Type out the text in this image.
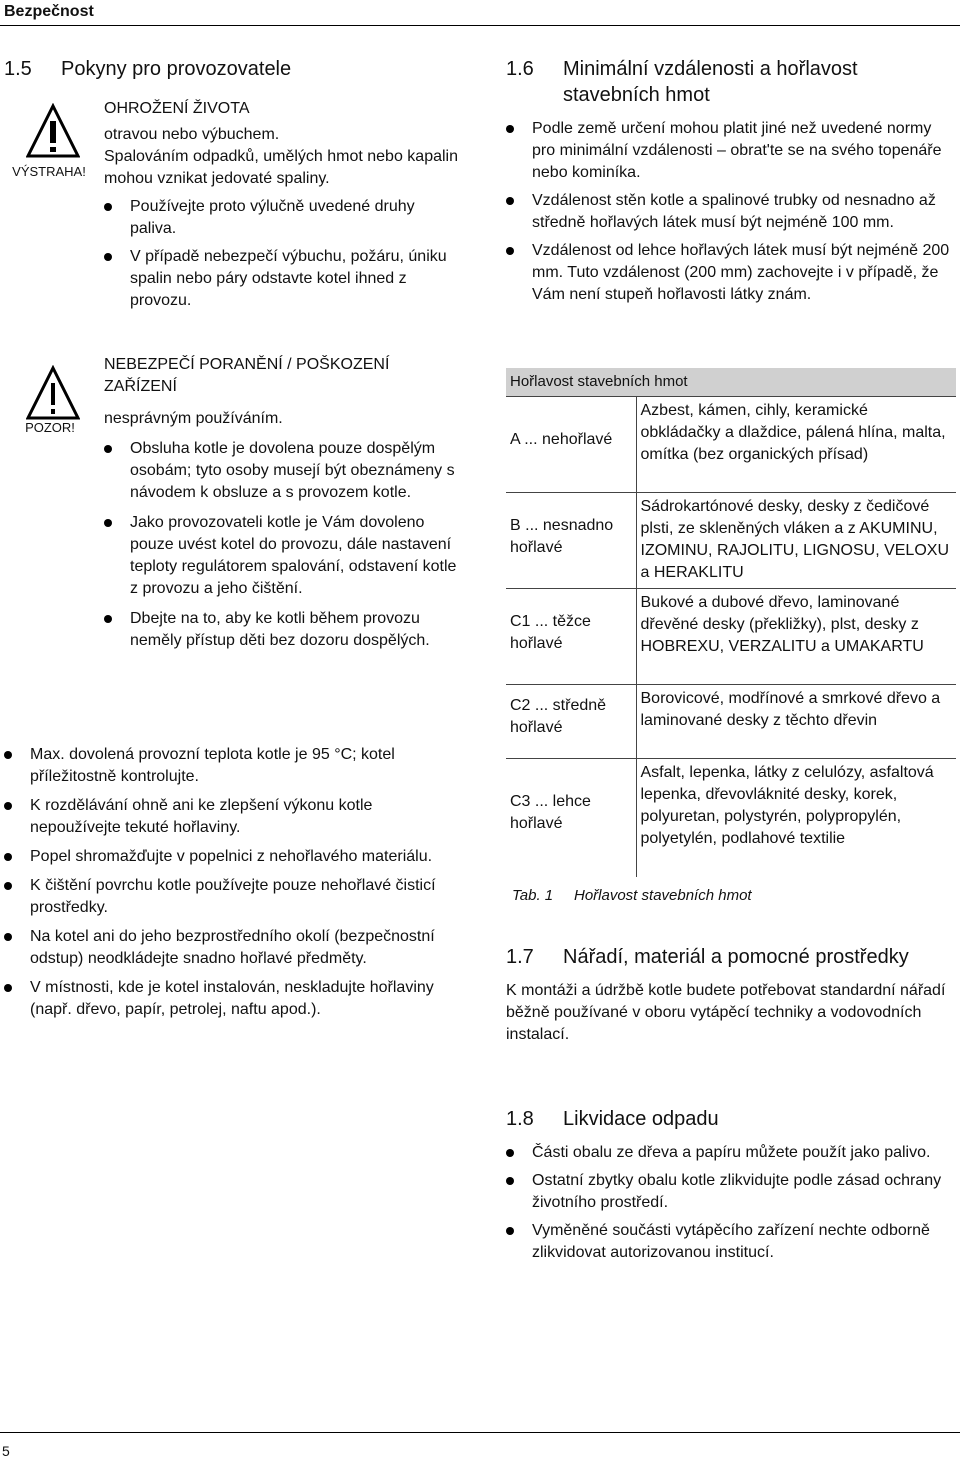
Bezpečnost
1.5 Pokyny pro provozovatele
VÝSTRAHA!
OHROŽENÍ ŽIVOTA
otravou nebo výbuchem.
Spalováním odpadků, umělých hmot nebo kapalin mohou vznikat jedovaté spaliny.
Používejte proto výlučně uvedené druhy paliva.
V případě nebezpečí výbuchu, požáru, úniku spalin nebo páry odstavte kotel ihned z provozu.
POZOR!
NEBEZPEČÍ PORANĚNÍ / POŠKOZENÍ ZAŘÍZENÍ
nesprávným používáním.
Obsluha kotle je dovolena pouze dospělým osobám; tyto osoby musejí být obeznámeny s návodem k obsluze a s provozem kotle.
Jako provozovateli kotle je Vám dovoleno pouze uvést kotel do provozu, dále nastavení teploty regulátorem spalování, odstavení kotle z provozu a jeho čištění.
Dbejte na to, aby ke kotli během provozu neměly přístup děti bez dozoru dospělých.
Max. dovolená provozní teplota kotle je 95 °C; kotel příležitostně kontrolujte.
K rozdělávání ohně ani ke zlepšení výkonu kotle nepoužívejte tekuté hořlaviny.
Popel shromažďujte v popelnici z nehořlavého materiálu.
K čištění povrchu kotle používejte pouze nehořlavé čisticí prostředky.
Na kotel ani do jeho bezprostředního okolí (bezpečnostní odstup) neodkládejte snadno hořlavé předměty.
V místnosti, kde je kotel instalován, neskladujte hořlaviny (např. dřevo, papír, petrolej, naftu apod.).
1.6	Minimální vzdálenosti a hořlavost stavebních hmot
Podle země určení mohou platit jiné než uvedené normy pro minimální vzdálenosti – obrat'te se na svého topenáře nebo kominíka.
Vzdálenost stěn kotle a spalinové trubky od nesnadno až středně hořlavých látek musí být nejméně 100 mm.
Vzdálenost od lehce hořlavých látek musí být nejméně 200 mm. Tuto vzdálenost (200 mm) zachovejte i v případě, že Vám není stupeň hořlavosti látky znám.
Hořlavost stavebních hmot	
A ... nehořlavé	Azbest, kámen, cihly, keramické obkládačky a dlaždice, pálená hlína, malta, omítka (bez organických přísad)
B ... nesnadno hořlavé	Sádrokartónové desky, desky z čedičové plsti, ze skleněných vláken a z AKUMINU, IZOMINU, RAJOLITU, LIGNOSU, VELOXU a HERAKLITU
C1 ... těžce hořlavé	Bukové a dubové dřevo, laminované dřevěné desky (překližky), plst, desky z HOBREXU, VERZALITU a UMAKARTU
C2 ... středně hořlavé	Borovicové, modřínové a smrkové dřevo a laminované desky z těchto dřevin
C3 ... lehce hořlavé	Asfalt, lepenka, látky z celulózy, asfaltová lepenka, dřevovláknité desky, korek, polyuretan, polystyrén, polypropylén, polyetylén, podlahové textilie
Tab. 1 Hořlavost stavebních hmot
1.7	Nářadí, materiál a pomocné prostředky
K montáži a údržbě kotle budete potřebovat standardní nářadí běžně používané v oboru vytápěcí techniky a vodovodních instalací.
1.8	Likvidace odpadu
Části obalu ze dřeva a papíru můžete použít jako palivo.
Ostatní zbytky obalu kotle zlikvidujte podle zásad ochrany životního prostředí.
Vyměněné součásti vytápěcího zařízení nechte odborně zlikvidovat autorizovanou institucí.
5
